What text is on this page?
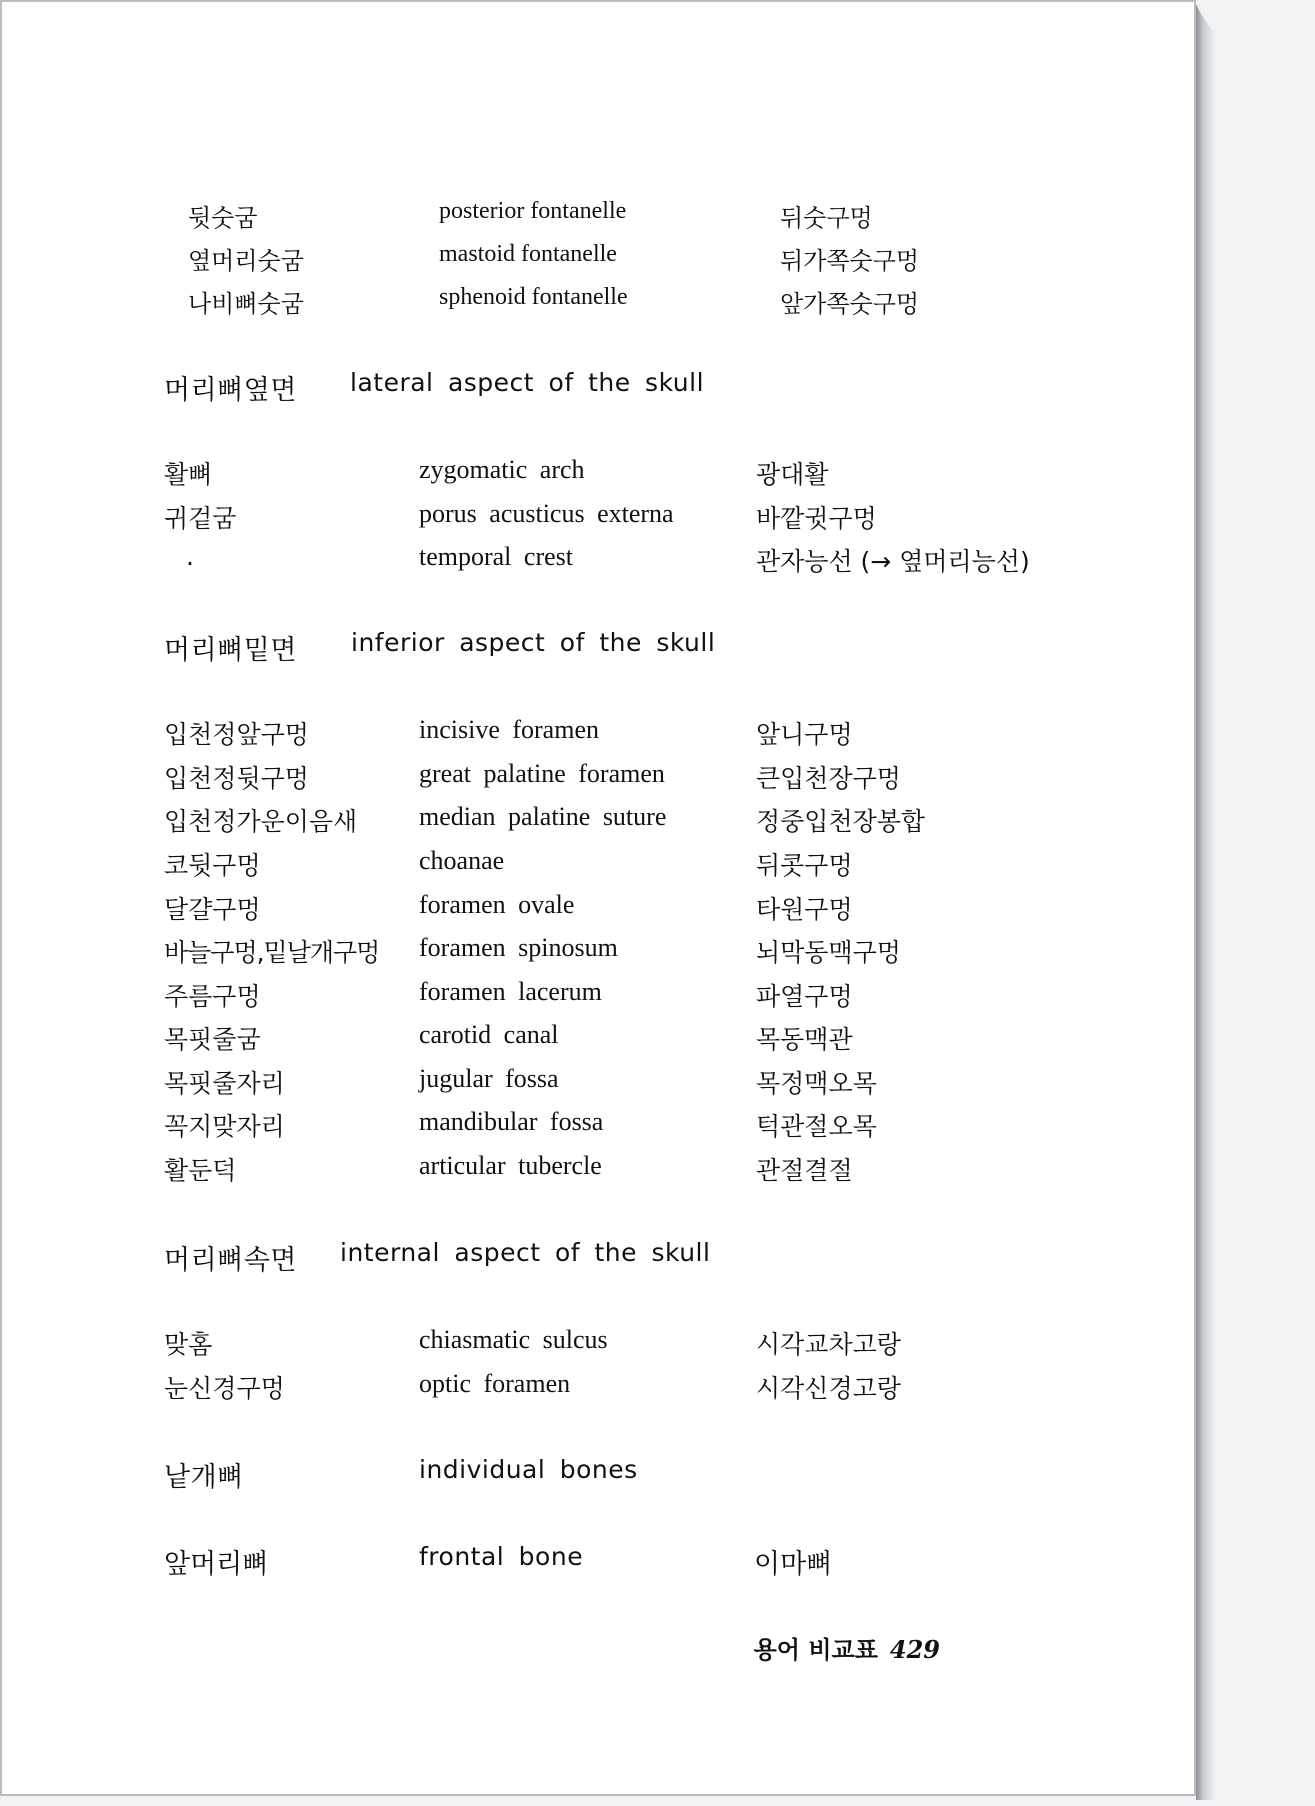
뒷숫굼	posterior fontanelle	뒤숫구멍
옆머리숫굼	mastoid fontanelle	뒤가쪽숫구멍
나비뼈숫굼	sphenoid fontanelle	앞가쪽숫구멍
머리뼈옆면 lateral aspect of the skull
활뼈	zygomatic arch	광대활
귀겉굼	porus acusticus externa	바깥귓구멍
.	temporal crest	관자능선 (→ 옆머리능선)
머리뼈밑면 inferior aspect of the skull
입천정앞구멍	incisive foramen	앞니구멍
입천정뒷구멍	great palatine foramen	큰입천장구멍
입천정가운이음새 median palatine suture	정중입천장봉합
코뒷구멍	choanae	뒤콧구멍
달걀구멍	foramen ovale	타원구멍
바늘구멍,밑날개구멍 foramen spinosum	뇌막동맥구멍
주름구멍	foramen lacerum	파열구멍
목핏줄굼	carotid canal	목동맥관
목핏줄자리	jugular fossa	목정맥오목
꼭지맞자리	mandibular fossa	턱관절오목
활둔덕	articular tubercle	관절결절
머리뼈속면 internal aspect of the skull
맞홈	chiasmatic sulcus	시각교차고랑
눈신경구멍	optic foramen	시각신경고랑
낱개뼈	individual bones
앞머리뼈	frontal bone	이마뼈
용어 비교표 429
